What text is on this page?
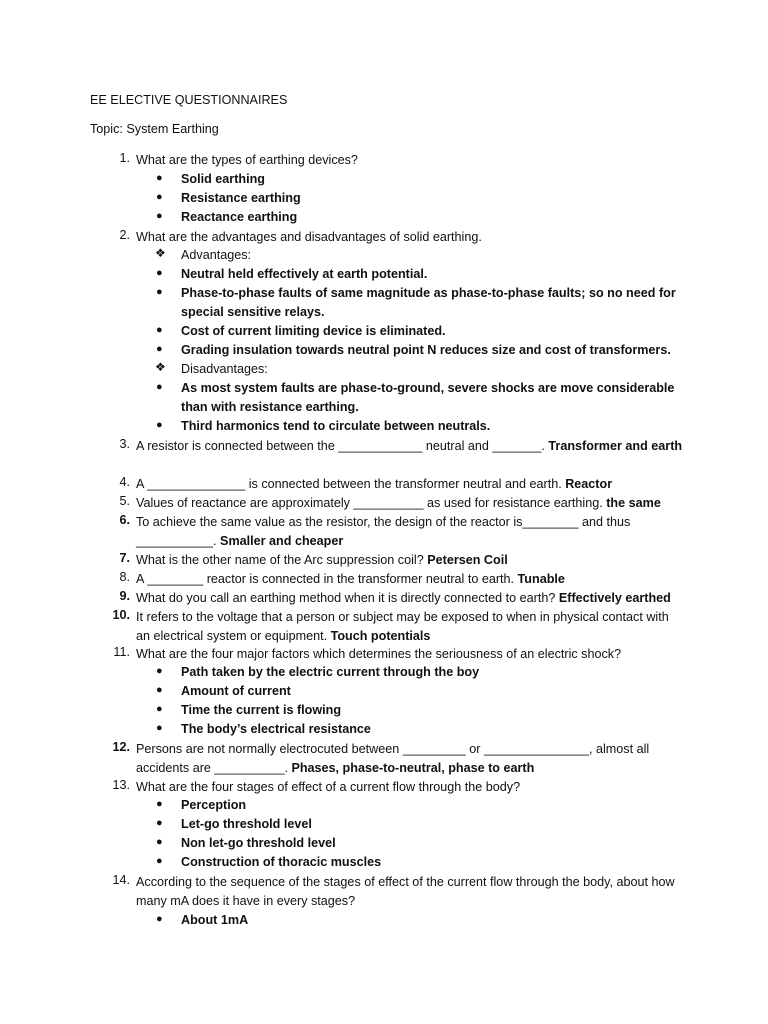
EE ELECTIVE QUESTIONNAIRES
Topic: System Earthing
1. What are the types of earthing devices?
● Solid earthing
● Resistance earthing
● Reactance earthing
2. What are the advantages and disadvantages of solid earthing.
❖ Advantages:
● Neutral held effectively at earth potential.
● Phase-to-phase faults of same magnitude as phase-to-phase faults; so no need for special sensitive relays.
● Cost of current limiting device is eliminated.
● Grading insulation towards neutral point N reduces size and cost of transformers.
❖ Disadvantages:
● As most system faults are phase-to-ground, severe shocks are move considerable than with resistance earthing.
● Third harmonics tend to circulate between neutrals.
3. A resistor is connected between the ____________ neutral and _______. Transformer and earth
4. A ______________ is connected between the transformer neutral and earth. Reactor
5. Values of reactance are approximately __________ as used for resistance earthing. the same
6. To achieve the same value as the resistor, the design of the reactor is________ and thus ___________. Smaller and cheaper
7. What is the other name of the Arc suppression coil? Petersen Coil
8. A ________ reactor is connected in the transformer neutral to earth. Tunable
9. What do you call an earthing method when it is directly connected to earth? Effectively earthed
10. It refers to the voltage that a person or subject may be exposed to when in physical contact with an electrical system or equipment. Touch potentials
11. What are the four major factors which determines the seriousness of an electric shock?
● Path taken by the electric current through the boy
● Amount of current
● Time the current is flowing
● The body’s electrical resistance
12. Persons are not normally electrocuted between _________ or _______________, almost all accidents are __________. Phases, phase-to-neutral, phase to earth
13. What are the four stages of effect of a current flow through the body?
● Perception
● Let-go threshold level
● Non let-go threshold level
● Construction of thoracic muscles
14. According to the sequence of the stages of effect of the current flow through the body, about how many mA does it have in every stages?
● About 1mA
